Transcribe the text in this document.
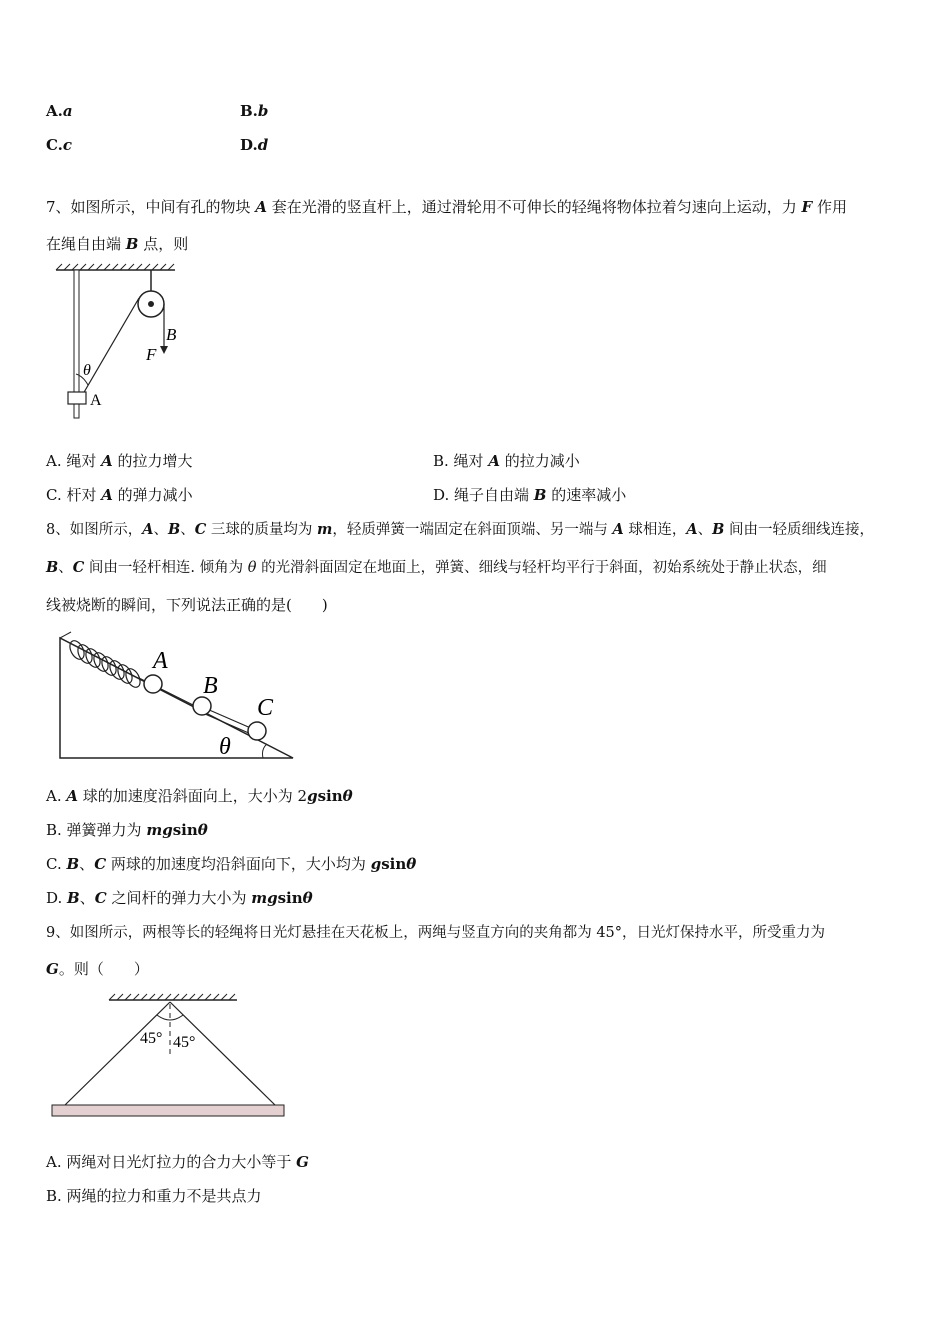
A.a	B.b
C.c	D.d
7、如图所示，中间有孔的物块 A 套在光滑的竖直杆上，通过滑轮用不可伸长的轻绳将物体拉着匀速向上运动，力 F 作用
在绳自由端 B 点，则
B
F
θ
A
A. 绳对 A 的拉力增大	B. 绳对 A 的拉力减小
C. 杆对 A 的弹力减小	D. 绳子自由端 B 的速率减小
8、如图所示，A、B、C 三球的质量均为 m，轻质弹簧一端固定在斜面顶端、另一端与 A 球相连，A、B 间由一轻质细线连接，
B、C 间由一轻杆相连. 倾角为 θ 的光滑斜面固定在地面上，弹簧、细线与轻杆均平行于斜面，初始系统处于静止状态，细
线被烧断的瞬间，下列说法正确的是(　　)
A
B
C
θ
A. A 球的加速度沿斜面向上，大小为 2gsinθ
B. 弹簧弹力为 mgsinθ
C. B、C 两球的加速度均沿斜面向下，大小均为 gsinθ
D. B、C 之间杆的弹力大小为 mgsinθ
9、如图所示，两根等长的轻绳将日光灯悬挂在天花板上，两绳与竖直方向的夹角都为 45°，日光灯保持水平，所受重力为
G。则（　　）
45° 45°
A. 两绳对日光灯拉力的合力大小等于 G
B. 两绳的拉力和重力不是共点力
